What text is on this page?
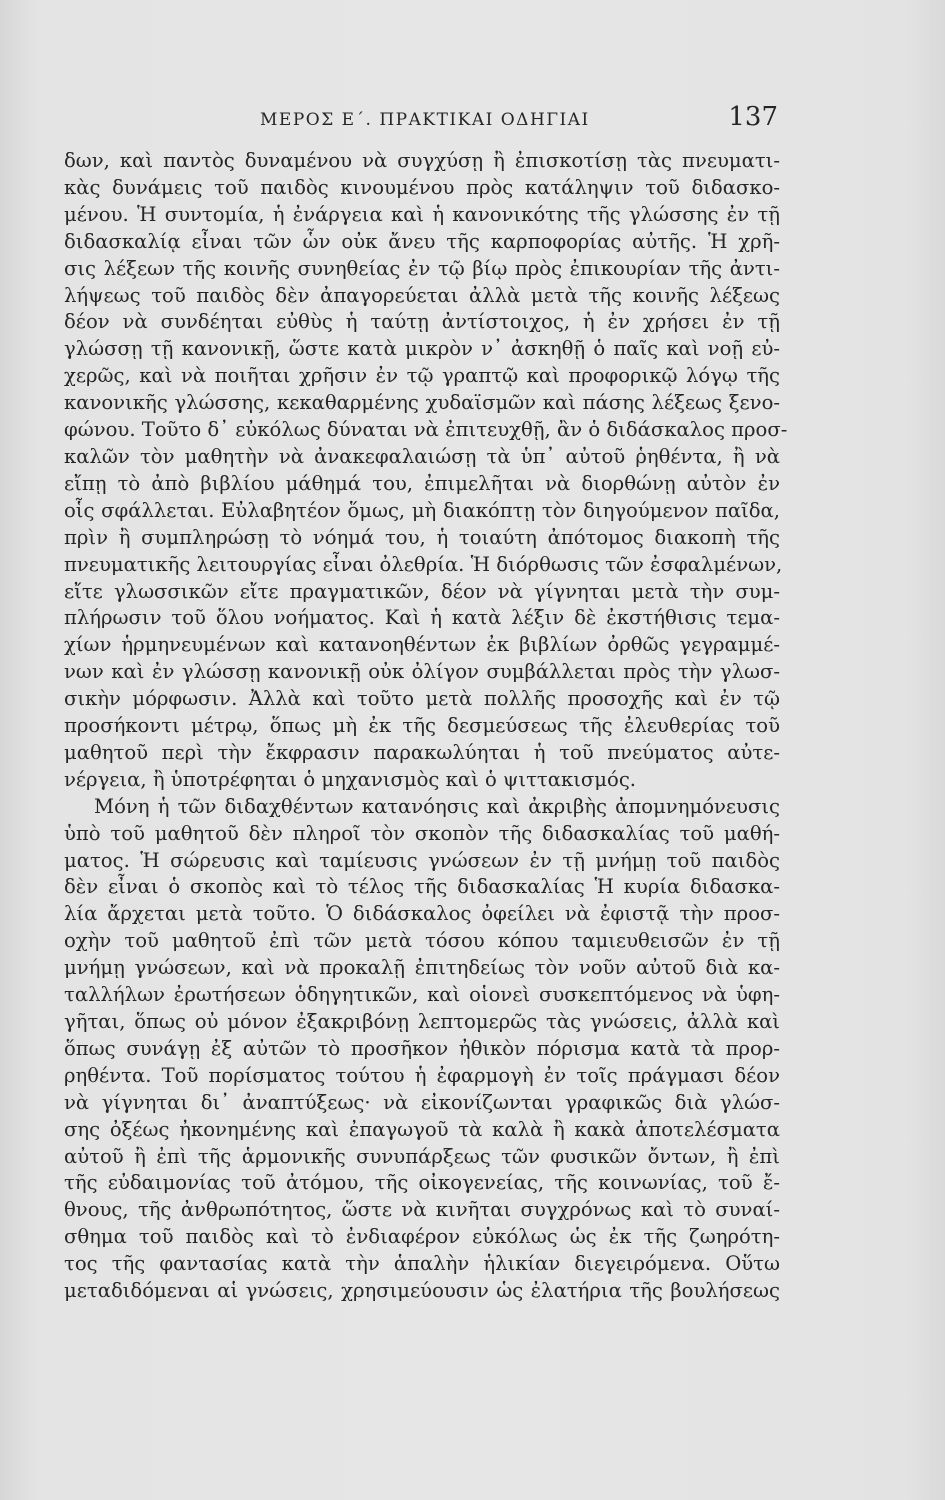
ΜΕΡΟΣ Ε΄. ΠΡΑΚΤΙΚΑΙ ΟΔΗΓΙΑΙ	137
δων, καὶ παντὸς δυναμένου νὰ συγχύσῃ ἢ ἐπισκοτίσῃ τὰς πνευματι-
κὰς δυνάμεις τοῦ παιδὸς κινουμένου πρὸς κατάληψιν τοῦ διδασκο-
μένου. Ἡ συντομία, ἡ ἐνάργεια καὶ ἡ κανονικότης τῆς γλώσσης ἐν τῇ
διδασκαλίᾳ εἶναι τῶν ὧν οὐκ ἄνευ τῆς καρποφορίας αὐτῆς. Ἡ χρῆ-
σις λέξεων τῆς κοινῆς συνηθείας ἐν τῷ βίῳ πρὸς ἐπικουρίαν τῆς ἀντι-
λήψεως τοῦ παιδὸς δὲν ἀπαγορεύεται ἀλλὰ μετὰ τῆς κοινῆς λέξεως
δέον νὰ συνδέηται εὐθὺς ἡ ταύτῃ ἀντίστοιχος, ἡ ἐν χρήσει ἐν τῇ
γλώσσῃ τῇ κανονικῇ, ὥστε κατὰ μικρὸν ν᾽ ἀσκηθῇ ὁ παῖς καὶ νοῇ εὐ-
χερῶς, καὶ νὰ ποιῆται χρῆσιν ἐν τῷ γραπτῷ καὶ προφορικῷ λόγῳ τῆς
κανονικῆς γλώσσης, κεκαθαρμένης χυδαϊσμῶν καὶ πάσης λέξεως ξενο-
φώνου. Τοῦτο δ᾽ εὐκόλως δύναται νὰ ἐπιτευχθῇ, ἂν ὁ διδάσκαλος προσ-
καλῶν τὸν μαθητὴν νὰ ἀνακεφαλαιώσῃ τὰ ὑπ᾽ αὐτοῦ ῥηθέντα, ἢ νὰ
εἴπῃ τὸ ἀπὸ βιβλίου μάθημά του, ἐπιμελῆται νὰ διορθώνῃ αὐτὸν ἐν
οἷς σφάλλεται. Εὐλαβητέον ὅμως, μὴ διακόπτῃ τὸν διηγούμενον παῖδα,
πρὶν ἢ συμπληρώσῃ τὸ νόημά του, ἡ τοιαύτη ἀπότομος διακοπὴ τῆς
πνευματικῆς λειτουργίας εἶναι ὀλεθρία. Ἡ διόρθωσις τῶν ἐσφαλμένων,
εἴτε γλωσσικῶν εἴτε πραγματικῶν, δέον νὰ γίγνηται μετὰ τὴν συμ-
πλήρωσιν τοῦ ὅλου νοήματος. Καὶ ἡ κατὰ λέξιν δὲ ἐκστήθισις τεμα-
χίων ἡρμηνευμένων καὶ κατανοηθέντων ἐκ βιβλίων ὀρθῶς γεγραμμέ-
νων καὶ ἐν γλώσσῃ κανονικῇ οὐκ ὀλίγον συμβάλλεται πρὸς τὴν γλωσ-
σικὴν μόρφωσιν. Ἀλλὰ καὶ τοῦτο μετὰ πολλῆς προσοχῆς καὶ ἐν τῷ
προσήκοντι μέτρῳ, ὅπως μὴ ἐκ τῆς δεσμεύσεως τῆς ἐλευθερίας τοῦ
μαθητοῦ περὶ τὴν ἔκφρασιν παρακωλύηται ἡ τοῦ πνεύματος αὐτε-
νέργεια, ἢ ὑποτρέφηται ὁ μηχανισμὸς καὶ ὁ ψιττακισμός.
Μόνη ἡ τῶν διδαχθέντων κατανόησις καὶ ἀκριβὴς ἀπομνημόνευσις
ὑπὸ τοῦ μαθητοῦ δὲν πληροῖ τὸν σκοπὸν τῆς διδασκαλίας τοῦ μαθή-
ματος. Ἡ σώρευσις καὶ ταμίευσις γνώσεων ἐν τῇ μνήμῃ τοῦ παιδὸς
δὲν εἶναι ὁ σκοπὸς καὶ τὸ τέλος τῆς διδασκαλίας Ἡ κυρία διδασκα-
λία ἄρχεται μετὰ τοῦτο. Ὁ διδάσκαλος ὀφείλει νὰ ἐφιστᾷ τὴν προσ-
οχὴν τοῦ μαθητοῦ ἐπὶ τῶν μετὰ τόσου κόπου ταμιευθεισῶν ἐν τῇ
μνήμῃ γνώσεων, καὶ νὰ προκαλῇ ἐπιτηδείως τὸν νοῦν αὐτοῦ διὰ κα-
ταλλήλων ἐρωτήσεων ὁδηγητικῶν, καὶ οἱονεὶ συσκεπτόμενος νὰ ὑφη-
γῆται, ὅπως οὐ μόνον ἐξακριβόνῃ λεπτομερῶς τὰς γνώσεις, ἀλλὰ καὶ
ὅπως συνάγῃ ἐξ αὐτῶν τὸ προσῆκον ἠθικὸν πόρισμα κατὰ τὰ προρ-
ρηθέντα. Τοῦ πορίσματος τούτου ἡ ἐφαρμογὴ ἐν τοῖς πράγμασι δέον
νὰ γίγνηται δι᾽ ἀναπτύξεως· νὰ εἰκονίζωνται γραφικῶς διὰ γλώσ-
σης ὀξέως ἠκονημένης καὶ ἐπαγωγοῦ τὰ καλὰ ἢ κακὰ ἀποτελέσματα
αὐτοῦ ἢ ἐπὶ τῆς ἁρμονικῆς συνυπάρξεως τῶν φυσικῶν ὄντων, ἢ ἐπὶ
τῆς εὐδαιμονίας τοῦ ἀτόμου, τῆς οἰκογενείας, τῆς κοινωνίας, τοῦ ἔ-
θνους, τῆς ἀνθρωπότητος, ὥστε νὰ κινῆται συγχρόνως καὶ τὸ συναί-
σθημα τοῦ παιδὸς καὶ τὸ ἐνδιαφέρον εὐκόλως ὡς ἐκ τῆς ζωηρότη-
τος τῆς φαντασίας κατὰ τὴν ἁπαλὴν ἡλικίαν διεγειρόμενα. Οὕτω
μεταδιδόμεναι αἱ γνώσεις, χρησιμεύουσιν ὡς ἐλατήρια τῆς βουλήσεως
